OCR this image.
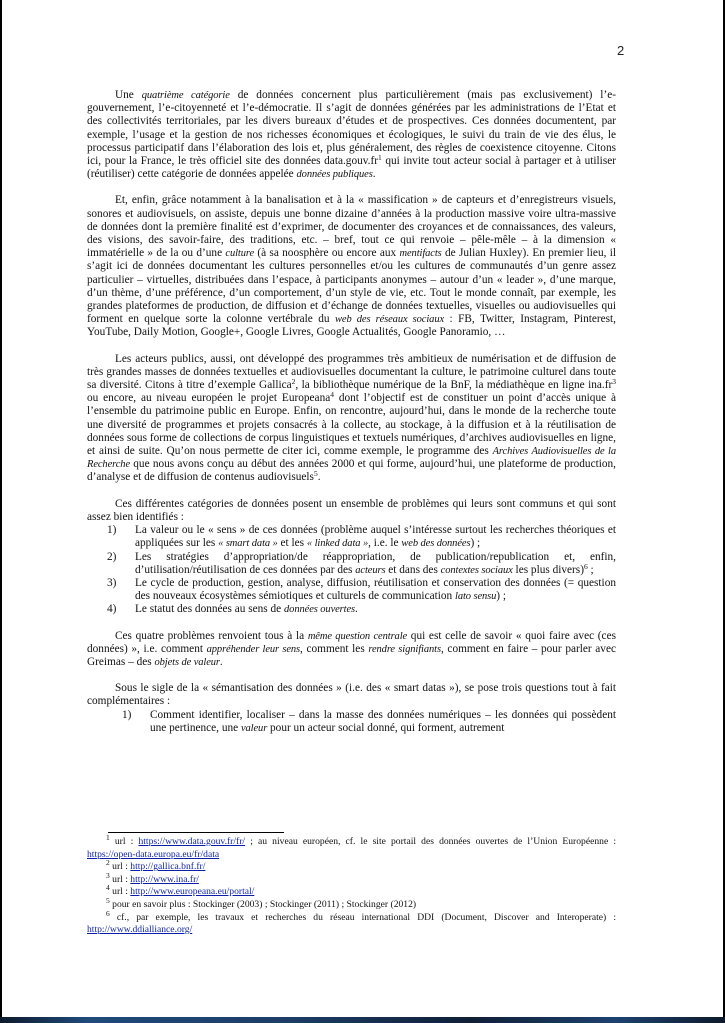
2

Une quatrième catégorie de données concernent plus particulièrement (mais pas exclusivement) l’e-gouvernement, l’e-citoyenneté et l’e-démocratie. Il s’agit de données générées par les administrations de l’Etat et des collectivités territoriales, par les divers bureaux d’études et de prospectives. Ces données documentent, par exemple, l’usage et la gestion de nos richesses économiques et écologiques, le suivi du train de vie des élus, le processus participatif dans l’élaboration des lois et, plus généralement, des règles de coexistence citoyenne. Citons ici, pour la France, le très officiel site des données $data.gouv.fr^1$ qui invite tout acteur social à partager et à utiliser (réutiliser) cette catégorie de données appelée données publiques.

Et, enfin, grâce notamment à la banalisation et à la « massification » de capteurs et d’enregistreurs visuels, sonores et audiovisuels, on assiste, depuis une bonne dizaine d’années à la production massive voire ultra-massive de données dont la première finalité est d’exprimer, de documenter des croyances et de connaissances, des valeurs, des visions, des savoir-faire, des traditions, etc. – bref, tout ce qui renvoie – pêle-mêle – à la dimension « immatérielle » de la ou d’une culture (à sa noosphère ou encore aux mentifacts de Julian Huxley). En premier lieu, il s’agit ici de données documentant les cultures personnelles et/ou les cultures de communautés d’un genre assez particulier – virtuelles, distribuées dans l’espace, à participants anonymes – autour d’un « leader », d’une marque, d’un thème, d’une préférence, d’un comportement, d’un style de vie, etc. Tout le monde connaît, par exemple, les grandes plateformes de production, de diffusion et d’échange de données textuelles, visuelles ou audiovisuelles qui forment en quelque sorte la colonne vertébrale du web des réseaux sociaux : FB, Twitter, Instagram, Pinterest, YouTube, Daily Motion, Google+, Google Livres, Google Actualités, Google Panoramio, …

Les acteurs publics, aussi, ont développé des programmes très ambitieux de numérisation et de diffusion de très grandes masses de données textuelles et audiovisuelles documentant la culture, le patrimoine culturel dans toute sa diversité. Citons à titre d’exemple Gallica$^2$, la bibliothèque numérique de la BnF, la médiathèque en ligne $ina.fr^3$ ou encore, au niveau européen le projet Europeana$^4$ dont l’objectif est de constituer un point d’accès unique à l’ensemble du patrimoine public en Europe. Enfin, on rencontre, aujourd’hui, dans le monde de la recherche toute une diversité de programmes et projets consacrés à la collecte, au stockage, à la diffusion et à la réutilisation de données sous forme de collections de corpus linguistiques et textuels numériques, d’archives audiovisuelles en ligne, et ainsi de suite. Qu’on nous permette de citer ici, comme exemple, le programme des Archives Audiovisuelles de la Recherche que nous avons conçu au début des années 2000 et qui forme, aujourd’hui, une plateforme de production, d’analyse et de diffusion de contenus audiovisuels$^5$.

Ces différentes catégories de données posent un ensemble de problèmes qui leurs sont communs et qui sont assez bien identifiés :

1) La valeur ou le « sens » de ces données (problème auquel s’intéresse surtout les recherches théoriques et appliquées sur les « smart data » et les « linked data », i.e. le web des données) ;
2) Les stratégies d’appropriation/de réappropriation, de publication/republication et, enfin, d’utilisation/réutilisation de ces données par des acteurs et dans des contextes sociaux les plus divers)$^6$ ;
3) Le cycle de production, gestion, analyse, diffusion, réutilisation et conservation des données (= question des nouveaux écosystèmes sémiotiques et culturels de communication lato sensu) ;
4) Le statut des données au sens de données ouvertes.

Ces quatre problèmes renvoient tous à la même question centrale qui est celle de savoir « quoi faire avec (ces données) », i.e. comment appréhender leur sens, comment les rendre signifiants, comment en faire – pour parler avec Greimas – des objets de valeur.

Sous le sigle de la « sémantisation des données » (i.e. des « smart datas »), se pose trois questions tout à fait complémentaires :

1) Comment identifier, localiser – dans la masse des données numériques – les données qui possèdent une pertinence, une valeur pour un acteur social donné, qui forment, autrement
$^1$ url : https://www.data.gouv.fr/fr/ ; au niveau européen, cf. le site portail des données ouvertes de l’Union Européenne : https://open-data.europa.eu/fr/data
$^2$ url : http://gallica.bnf.fr/
$^3$ url : http://www.ina.fr/
$^4$ url : http://www.europeana.eu/portal/
$^5$ pour en savoir plus : Stockinger (2003) ; Stockinger (2011) ; Stockinger (2012)
$^6$ cf., par exemple, les travaux et recherches du réseau international DDI (Document, Discover and Interoperate) : http://www.ddialliance.org/
